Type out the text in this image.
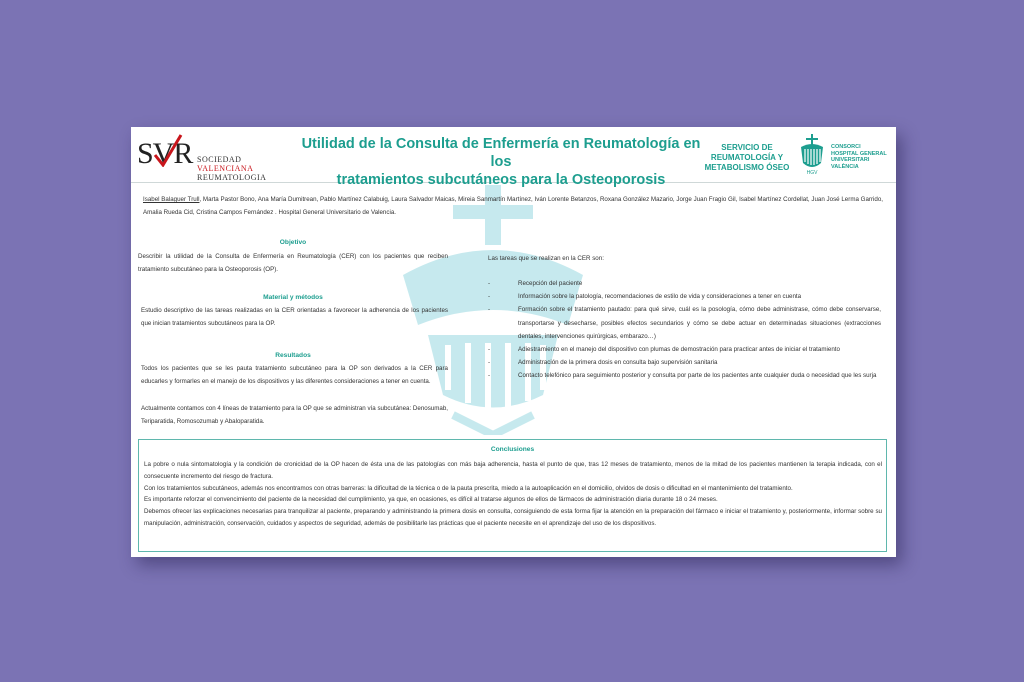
SVR SOCIEDAD VALENCIANA
REUMATOLOGIA
Utilidad de la Consulta de Enfermería en Reumatología en los
tratamientos subcutáneos para la Osteoporosis
SERVICIO DE
REUMATOLOGÍA Y
METABOLISMO ÓSEO
HGV
CONSORCI
HOSPITAL GENERAL
UNIVERSITARI
VALÈNCIA
Isabel Balaguer Trull, Marta Pastor Bono, Ana María Dumitrean, Pablo Martínez Calabuig, Laura Salvador Maicas, Mireia Sanmartín Martínez, Iván Lorente Betanzos, Roxana González Mazario, Jorge Juan Fragio Gil, Isabel Martínez Cordellat, Juan José Lerma Garrido, Amalia Rueda Cid, Cristina Campos Fernández . Hospital General Universitario de Valencia.
Objetivo
Describir la utilidad de la Consulta de Enfermería en Reumatología (CER) con los pacientes que reciben tratamiento subcutáneo para la Osteoporosis (OP).
Material y métodos
Estudio descriptivo de las tareas realizadas en la CER orientadas a favorecer la adherencia de los pacientes que inician tratamientos subcutáneos para la OP.
Resultados
Todos los pacientes que se les pauta tratamiento subcutáneo para la OP son derivados a la CER para educarles y formarles en el manejo de los dispositivos y las diferentes consideraciones a tener en cuenta.
Actualmente contamos con 4 líneas de tratamiento para la OP que se administran vía subcutánea: Denosumab, Teriparatida, Romosozumab y Abaloparatida.
Las tareas que se realizan en la CER son:
-	Recepción del paciente
-	Información sobre la patología, recomendaciones de estilo de vida y consideraciones a tener en cuenta
-	Formación sobre el tratamiento pautado: para qué sirve, cuál es la posología, cómo debe administrase, cómo debe conservarse, transportarse y desecharse, posibles efectos secundarios y cómo se debe actuar en determinadas situaciones (extracciones dentales, intervenciones quirúrgicas, embarazo…)
-	Adiestramiento en el manejo del dispositivo con plumas de demostración para practicar antes de iniciar el tratamiento
-	Administración de la primera dosis en consulta bajo supervisión sanitaria
-	Contacto telefónico para seguimiento posterior y consulta por parte de los pacientes ante cualquier duda o necesidad que les surja
Conclusiones

La pobre o nula sintomatología y la condición de cronicidad de la OP hacen de ésta una de las patologías con más baja adherencia, hasta el punto de que, tras 12 meses de tratamiento, menos de la mitad de los pacientes mantienen la terapia indicada, con el consecuente incremento del riesgo de fractura.

Con los tratamientos subcutáneos, además nos encontramos con otras barreras: la dificultad de la técnica o de la pauta prescrita, miedo a la autoaplicación en el domicilio, olvidos de dosis o dificultad en el mantenimiento del tratamiento.

Es importante reforzar el convencimiento del paciente de la necesidad del cumplimiento, ya que, en ocasiones, es difícil al tratarse algunos de ellos de fármacos de administración diaria durante 18 o 24 meses.

Debemos ofrecer las explicaciones necesarias para tranquilizar al paciente, preparando y administrando la primera dosis en consulta, consiguiendo de esta forma fijar la atención en la preparación del fármaco e iniciar el tratamiento y, posteriormente, informar sobre su manipulación, administración, conservación, cuidados y aspectos de seguridad, además de posibilitarle las prácticas que el paciente necesite en el aprendizaje del uso de los dispositivos.
